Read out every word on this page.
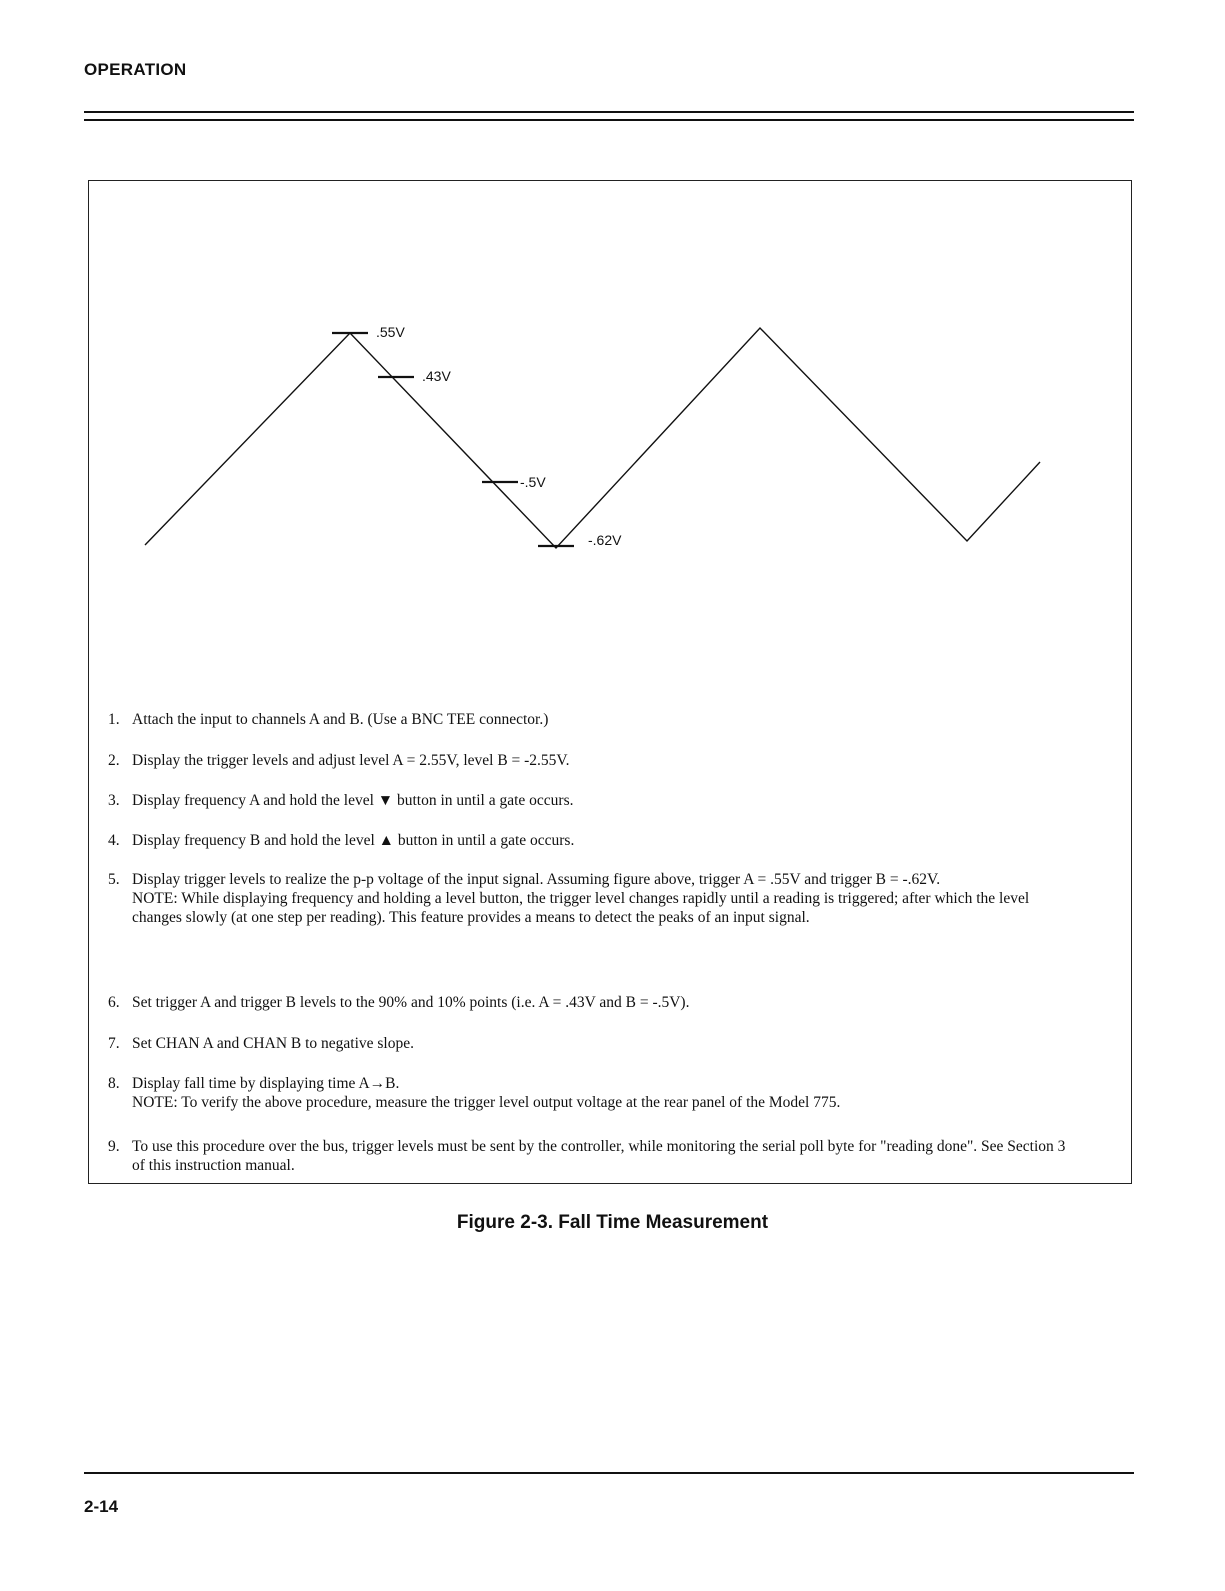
OPERATION
.55V
.43V
-.5V
-.62V
1. Attach the input to channels A and B. (Use a BNC TEE connector.)
2. Display the trigger levels and adjust level A = 2.55V, level B = -2.55V.
3. Display frequency A and hold the level ▼ button in until a gate occurs.
4. Display frequency B and hold the level ▲ button in until a gate occurs.
5. Display trigger levels to realize the p-p voltage of the input signal. Assuming figure above, trigger A = .55V and trigger B = -.62V.
NOTE: While displaying frequency and holding a level button, the trigger level changes rapidly until a reading is triggered; after which the level changes slowly (at one step per reading). This feature provides a means to detect the peaks of an input signal.
6. Set trigger A and trigger B levels to the 90% and 10% points (i.e. A = .43V and B = -.5V).
7. Set CHAN A and CHAN B to negative slope.
8. Display fall time by displaying time A→B.
NOTE: To verify the above procedure, measure the trigger level output voltage at the rear panel of the Model 775.
9. To use this procedure over the bus, trigger levels must be sent by the controller, while monitoring the serial poll byte for "reading done". See Section 3 of this instruction manual.
Figure 2-3. Fall Time Measurement
2-14
